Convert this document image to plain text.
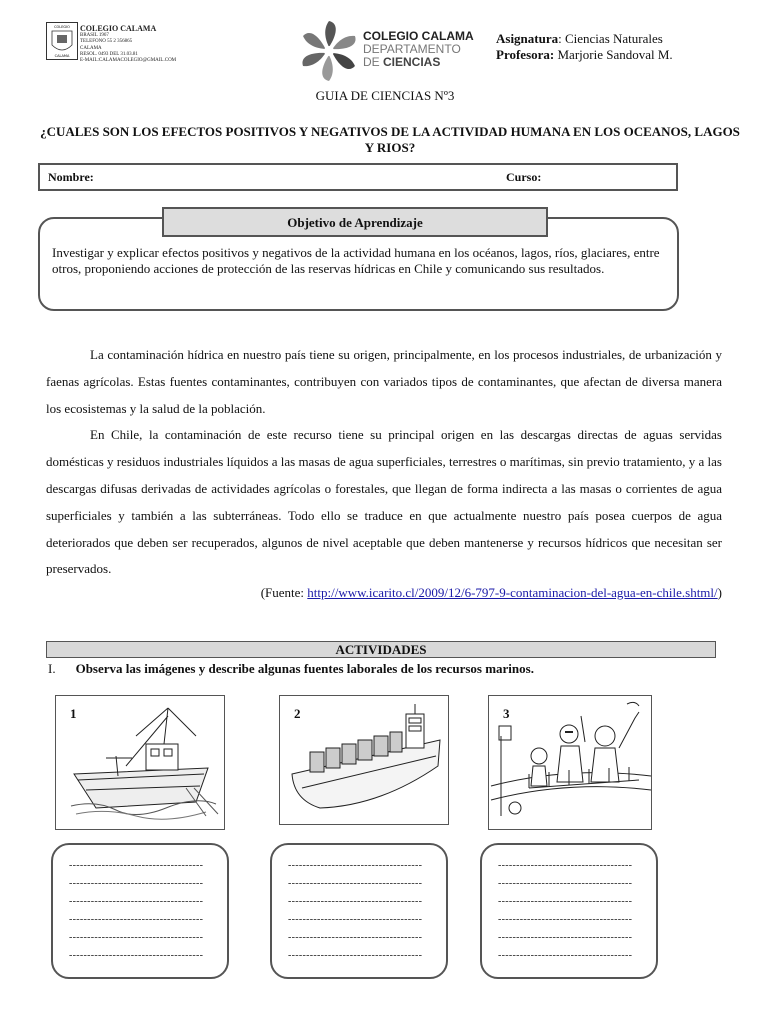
COLEGIO
CALAMA
COLEGIO CALAMA
BRASIL 1967
TELEFONO 55 2 356865
CALAMA
RESOL. 0493 DEL 31.03.81
E-MAIL:CALAMACOLEGIO@GMAIL.COM
COLEGIO CALAMA
DEPARTAMENTO
DE CIENCIAS
Asignatura: Ciencias Naturales
Profesora: Marjorie Sandoval M.
GUIA DE CIENCIAS Nº3
¿CUALES SON LOS EFECTOS POSITIVOS Y NEGATIVOS DE LA ACTIVIDAD HUMANA EN LOS OCEANOS, LAGOS Y RIOS?
Nombre:	Curso:
Objetivo de Aprendizaje
Investigar y explicar efectos positivos y negativos de la actividad humana en los océanos, lagos, ríos, glaciares, entre otros, proponiendo acciones de protección de las reservas hídricas en Chile y comunicando sus resultados.

La contaminación hídrica en nuestro país tiene su origen, principalmente, en los procesos industriales, de urbanización y faenas agrícolas. Estas fuentes contaminantes, contribuyen con variados tipos de contaminantes, que afectan de diversa manera los ecosistemas y la salud de la población.

En Chile, la contaminación de este recurso tiene su principal origen en las descargas directas de aguas servidas domésticas y residuos industriales líquidos a las masas de agua superficiales, terrestres o marítimas, sin previo tratamiento, y a las descargas difusas derivadas de actividades agrícolas o forestales, que llegan de forma indirecta a las masas o corrientes de agua superficiales y también a las subterráneas. Todo ello se traduce en que actualmente nuestro país posea cuerpos de agua deteriorados que deben ser recuperados, algunos de nivel aceptable que deben mantenerse y recursos hídricos que necesitan ser preservados.

(Fuente: http://www.icarito.cl/2009/12/6-797-9-contaminacion-del-agua-en-chile.shtml/)
ACTIVIDADES
I. Observa las imágenes y describe algunas fuentes laborales de los recursos marinos.
1	2	3
-------------------------------------
-------------------------------------
-------------------------------------
-------------------------------------
-------------------------------------
-------------------------------------
-------------------------------------
-------------------------------------
-------------------------------------
-------------------------------------
-------------------------------------
-------------------------------------
-------------------------------------
-------------------------------------
-------------------------------------
-------------------------------------
-------------------------------------
-------------------------------------
